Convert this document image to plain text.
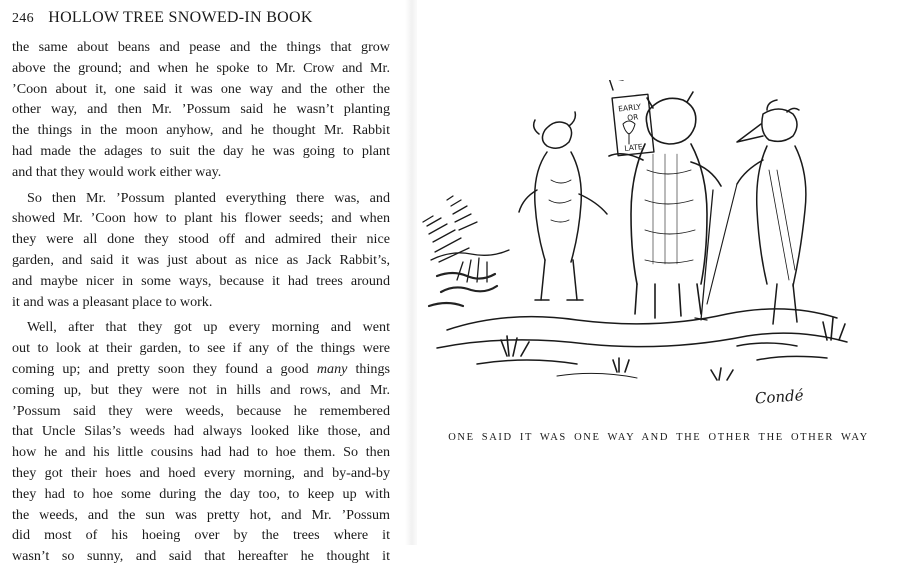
246 HOLLOW TREE SNOWED-IN BOOK

the same about beans and pease and the things that grow
above the ground; and when he spoke to Mr. Crow and Mr.
’Coon about it, one said it was one way and the other the
other way, and then Mr. ’Possum said he wasn’t planting
the things in the moon anyhow, and he thought Mr. Rabbit
had made the adages to suit the day he was going to plant
and that they would work either way.

So then Mr. ’Possum planted everything there was, and
showed Mr. ’Coon how to plant his flower seeds; and when
they were all done they stood off and admired their nice
garden, and said it was just about as nice as Jack Rabbit’s,
and maybe nicer in some ways, because it had trees around
it and was a pleasant place to work.

Well, after that they got up every morning and went
out to look at their garden, to see if any of the things were
coming up; and pretty soon they found a good many things
coming up, but they were not in hills and rows, and Mr.
’Possum said they were weeds, because he remembered
that Uncle Silas’s weeds had always looked like those, and
how he and his little cousins had had to hoe them. So then
they got their hoes and hoed every morning, and by-and-by
they had to hoe some during the day too, to keep up with
the weeds, and the sun was pretty hot, and Mr. ’Possum
did most of his hoeing over by the trees where it
wasn’t so sunny, and said that hereafter he thought it

EARLY
OR
LATE
Condé
ONE SAID IT WAS ONE WAY AND THE OTHER THE OTHER WAY
